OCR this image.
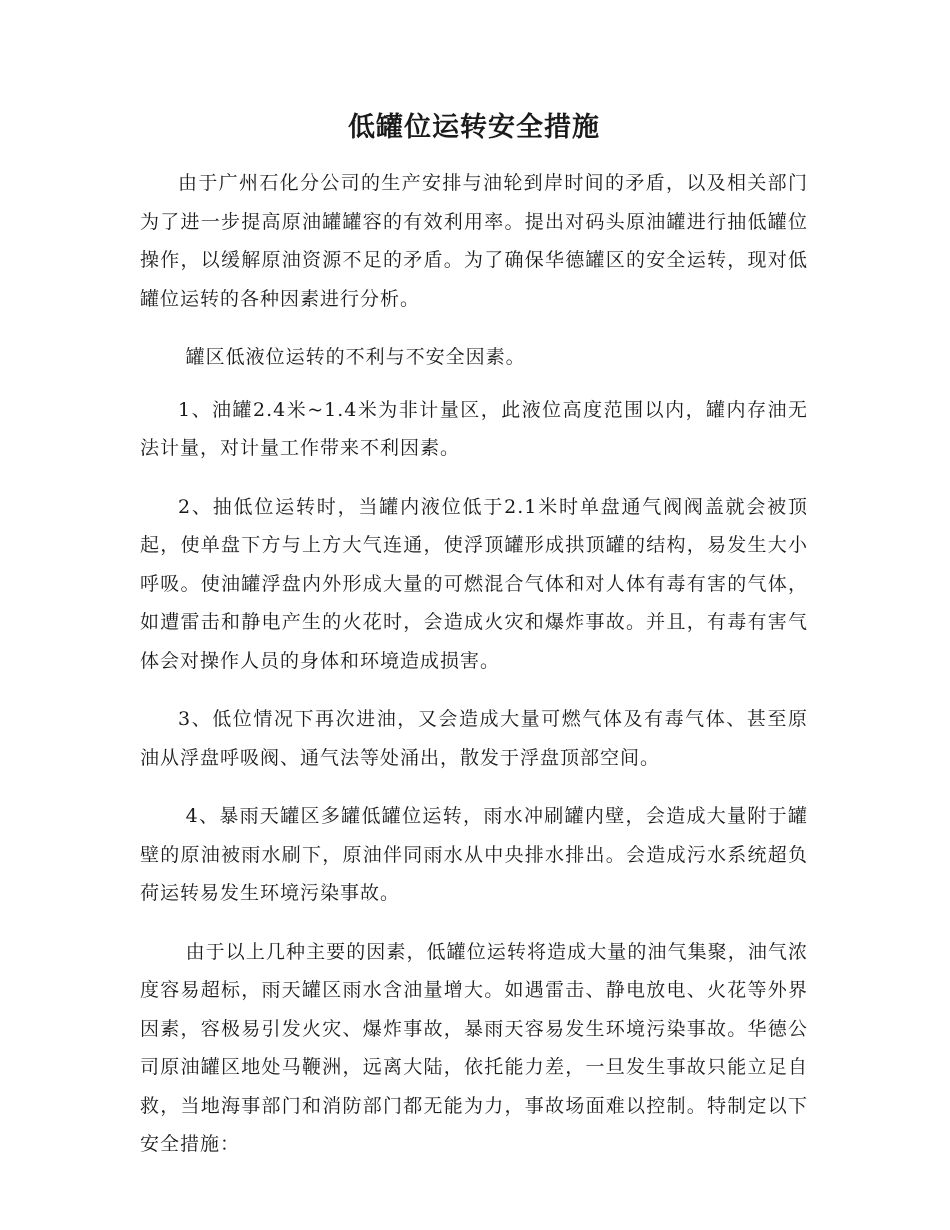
低罐位运转安全措施

由于广州石化分公司的生产安排与油轮到岸时间的矛盾，以及相关部门为了进一步提高原油罐罐容的有效利用率。提出对码头原油罐进行抽低罐位操作，以缓解原油资源不足的矛盾。为了确保华德罐区的安全运转，现对低罐位运转的各种因素进行分析。

罐区低液位运转的不利与不安全因素。

1、油罐2.4米~1.4米为非计量区，此液位高度范围以内，罐内存油无法计量，对计量工作带来不利因素。

2、抽低位运转时，当罐内液位低于2.1米时单盘通气阀阀盖就会被顶起，使单盘下方与上方大气连通，使浮顶罐形成拱顶罐的结构，易发生大小呼吸。使油罐浮盘内外形成大量的可燃混合气体和对人体有毒有害的气体，如遭雷击和静电产生的火花时，会造成火灾和爆炸事故。并且，有毒有害气体会对操作人员的身体和环境造成损害。

3、低位情况下再次进油，又会造成大量可燃气体及有毒气体、甚至原油从浮盘呼吸阀、通气法等处涌出，散发于浮盘顶部空间。

4、暴雨天罐区多罐低罐位运转，雨水冲刷罐内壁，会造成大量附于罐壁的原油被雨水刷下，原油伴同雨水从中央排水排出。会造成污水系统超负荷运转易发生环境污染事故。

由于以上几种主要的因素，低罐位运转将造成大量的油气集聚，油气浓度容易超标，雨天罐区雨水含油量增大。如遇雷击、静电放电、火花等外界因素，容极易引发火灾、爆炸事故，暴雨天容易发生环境污染事故。华德公司原油罐区地处马鞭洲，远离大陆，依托能力差，一旦发生事故只能立足自救，当地海事部门和消防部门都无能为力，事故场面难以控制。特制定以下安全措施：
